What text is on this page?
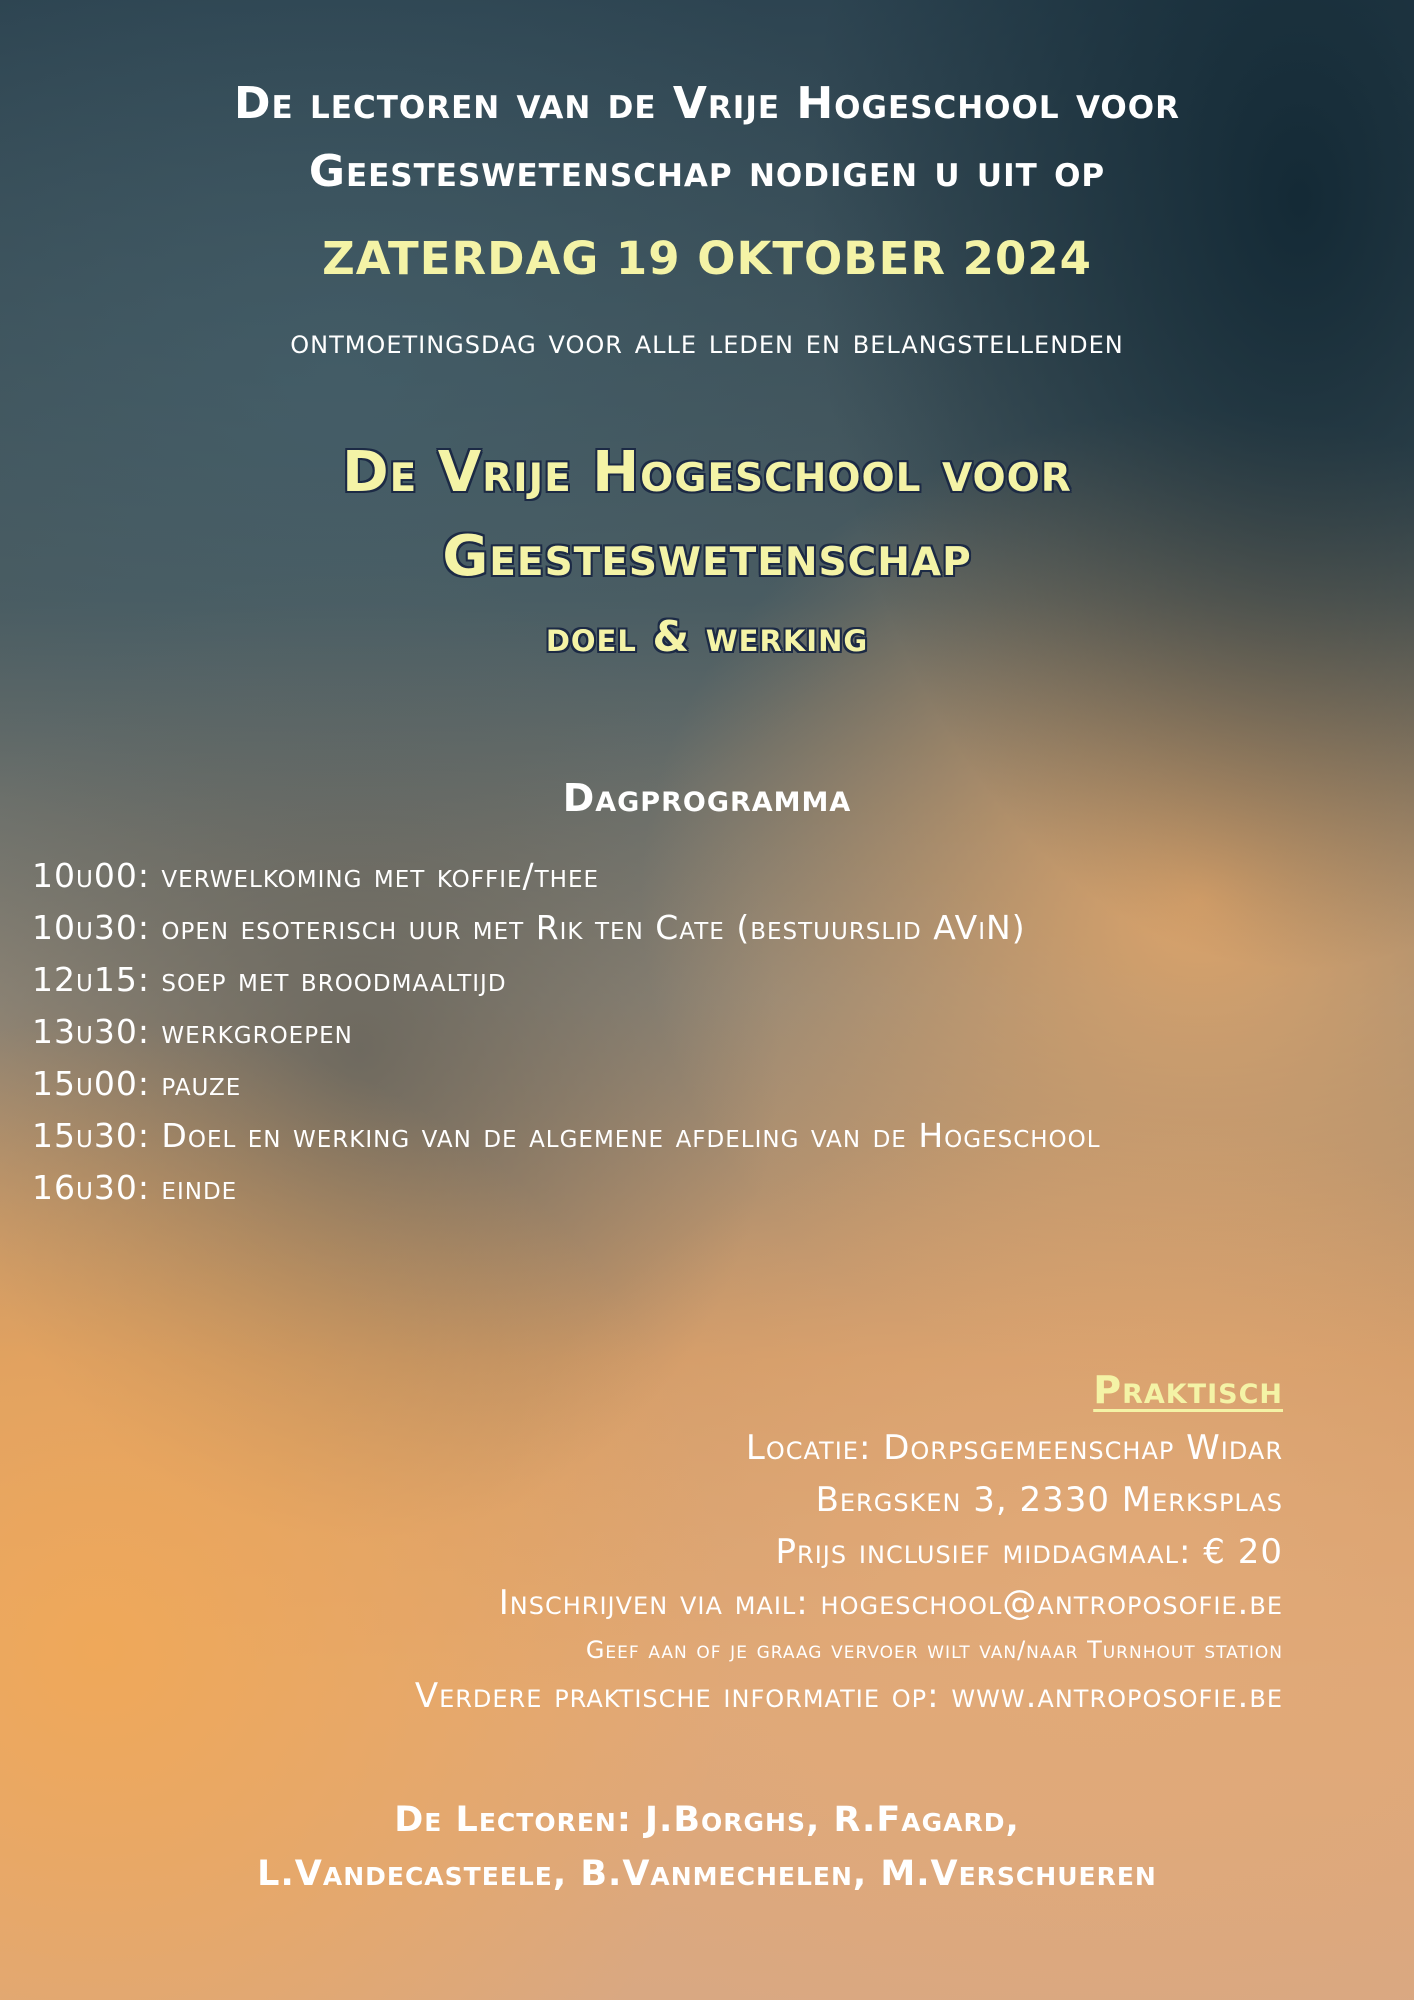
De lectoren van de Vrije Hogeschool voor

Geesteswetenschap nodigen u uit op

ZATERDAG 19 OKTOBER 2024

ontmoetingsdag voor alle leden en belangstellenden

De Vrije Hogeschool voor

Geesteswetenschap

doel & werking

Dagprogramma

10u00: verwelkoming met koffie/thee

10u30: open esoterisch uur met Rik ten Cate (bestuurslid AViN)

12u15: soep met broodmaaltijd

13u30: werkgroepen

15u00: pauze

15u30: Doel en werking van de algemene afdeling van de Hogeschool

16u30: einde

Praktisch

Locatie: Dorpsgemeenschap Widar

Bergsken 3, 2330 Merksplas

Prijs inclusief middagmaal: € 20

Inschrijven via mail: hogeschool@antroposofie.be

Geef aan of je graag vervoer wilt van/naar Turnhout station

Verdere praktische informatie op: www.antroposofie.be

De Lectoren: J.Borghs, R.Fagard,

L.Vandecasteele, B.Vanmechelen, M.Verschueren
